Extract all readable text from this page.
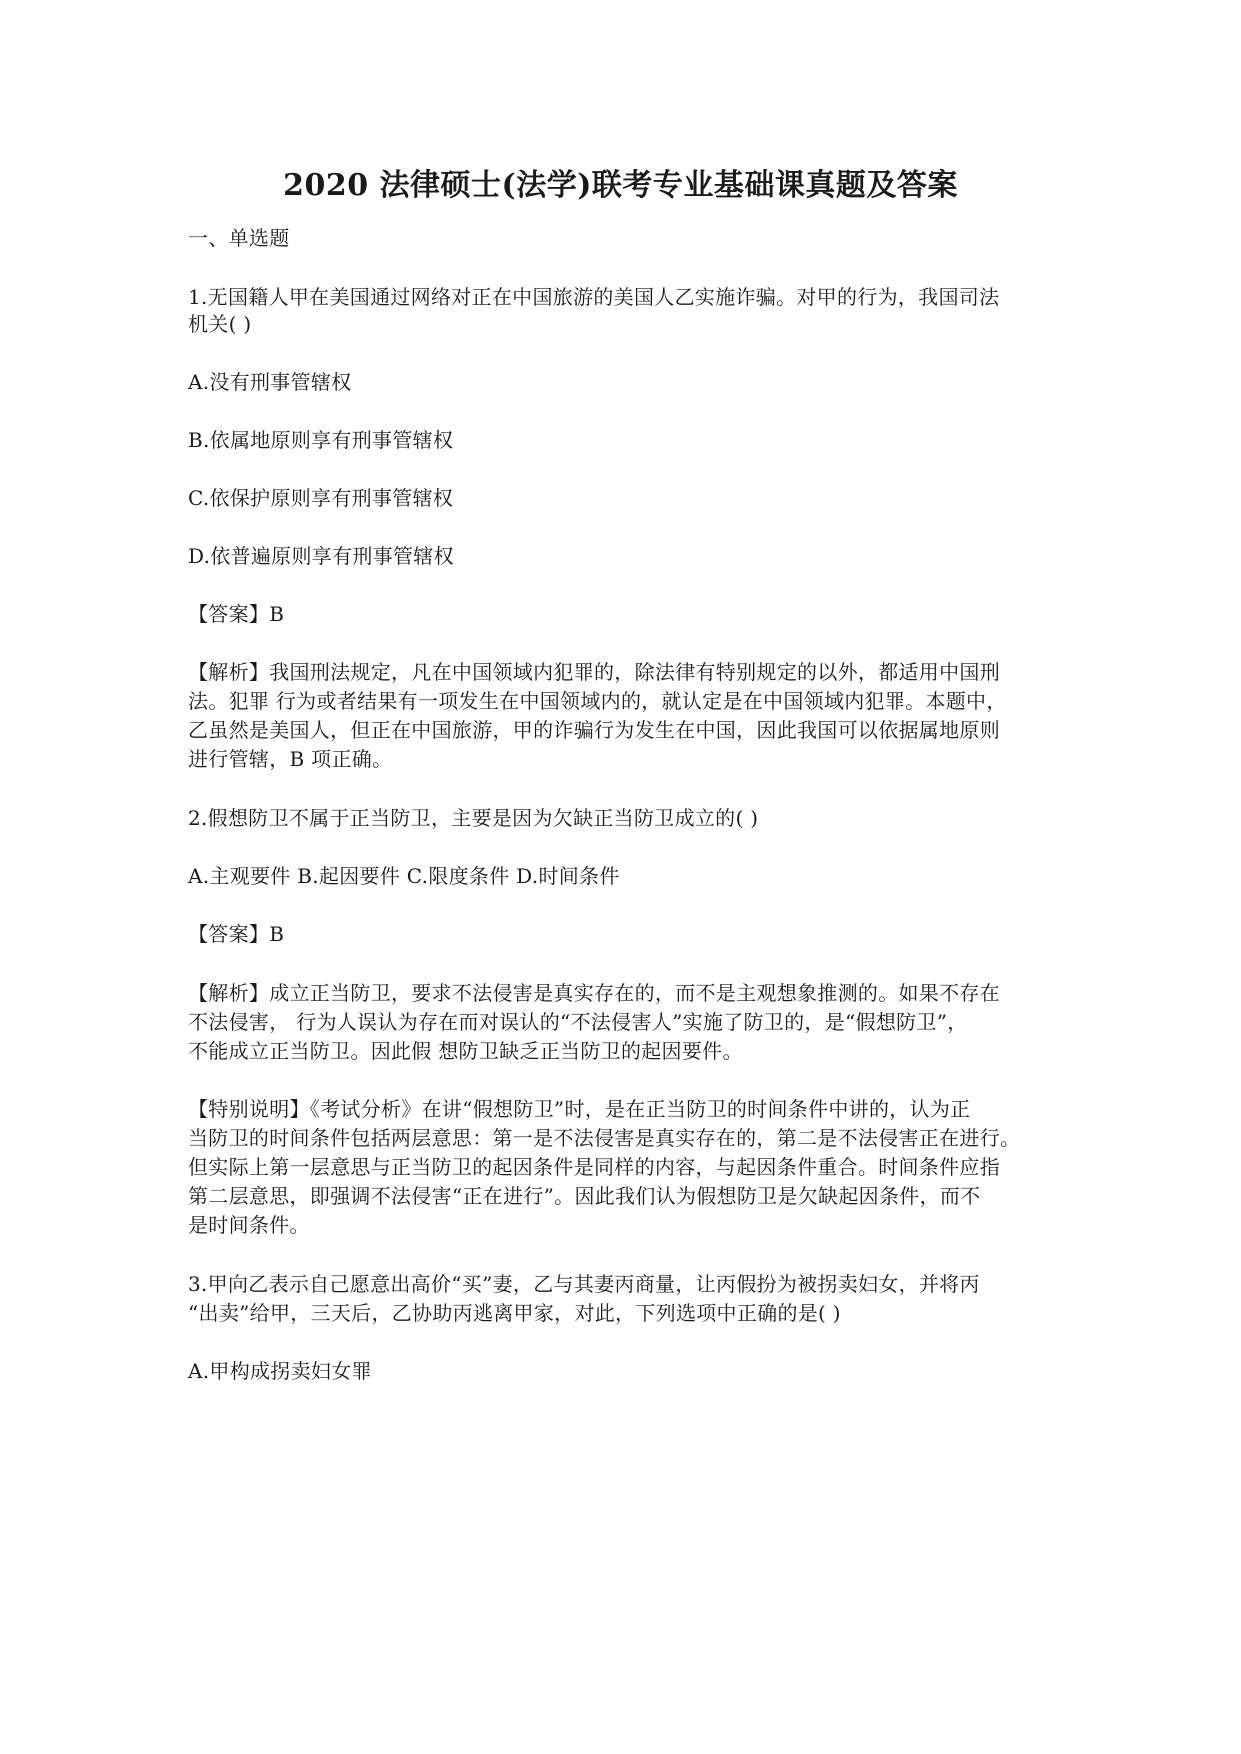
2020 法律硕士(法学)联考专业基础课真题及答案

一、单选题

1.无国籍人甲在美国通过网络对正在中国旅游的美国人乙实施诈骗。对甲的行为，我国司法

机关( )

A.没有刑事管辖权

B.依属地原则享有刑事管辖权

C.依保护原则享有刑事管辖权

D.依普遍原则享有刑事管辖权

【答案】B

【解析】我国刑法规定，凡在中国领域内犯罪的，除法律有特别规定的以外，都适用中国刑

法。犯罪 行为或者结果有一项发生在中国领域内的，就认定是在中国领域内犯罪。本题中，

乙虽然是美国人，但正在中国旅游，甲的诈骗行为发生在中国，因此我国可以依据属地原则

进行管辖，B 项正确。

2.假想防卫不属于正当防卫，主要是因为欠缺正当防卫成立的( )

A.主观要件 B.起因要件 C.限度条件 D.时间条件

【答案】B

【解析】成立正当防卫，要求不法侵害是真实存在的，而不是主观想象推测的。如果不存在

不法侵害， 行为人误认为存在而对误认的“不法侵害人”实施了防卫的，是“假想防卫”，

不能成立正当防卫。因此假 想防卫缺乏正当防卫的起因要件。

【特别说明】《考试分析》在讲“假想防卫”时，是在正当防卫的时间条件中讲的，认为正

当防卫的时间条件包括两层意思：第一是不法侵害是真实存在的，第二是不法侵害正在进行。

但实际上第一层意思与正当防卫的起因条件是同样的内容，与起因条件重合。时间条件应指

第二层意思，即强调不法侵害“正在进行”。因此我们认为假想防卫是欠缺起因条件，而不

是时间条件。

3.甲向乙表示自己愿意出高价“买”妻，乙与其妻丙商量，让丙假扮为被拐卖妇女，并将丙

“出卖”给甲，三天后，乙协助丙逃离甲家，对此，下列选项中正确的是( )

A.甲构成拐卖妇女罪
